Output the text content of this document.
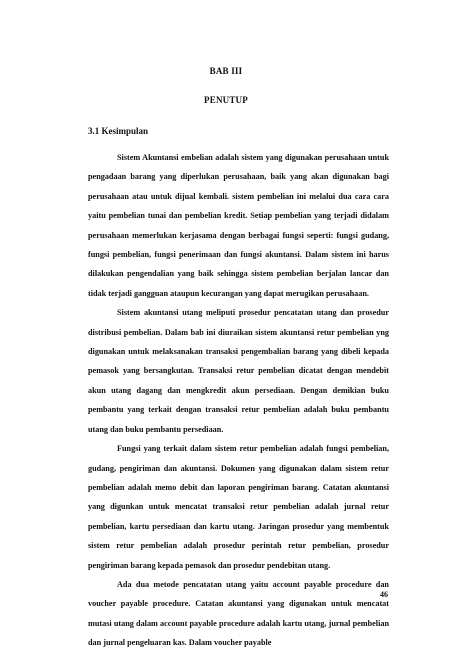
BAB III
PENUTUP
3.1 Kesimpulan

Sistem Akuntansi embelian adalah sistem yang digunakan perusahaan untuk pengadaan barang yang diperlukan perusahaan, baik yang akan digunakan bagi perusahaan atau untuk dijual kembali. sistem pembelian ini melalui dua cara cara yaitu pembelian tunai dan pembelian kredit. Setiap pembelian yang terjadi didalam perusahaan memerlukan kerjasama dengan berbagai fungsi seperti: fungsi gudang, fungsi pembelian, fungsi penerimaan dan fungsi akuntansi. Dalam sistem ini harus dilakukan pengendalian yang baik sehingga sistem pembelian berjalan lancar dan tidak terjadi gangguan ataupun kecurangan yang dapat merugikan perusahaan.

Sistem akuntansi utang meliputi prosedur pencatatan utang dan prosedur distribusi pembelian. Dalam bab ini diuraikan sistem akuntansi retur pembelian yng digunakan untuk melaksanakan transaksi pengembalian barang yang dibeli kepada pemasok yang bersangkutan. Transaksi retur pembelian dicatat dengan mendebit akun utang dagang dan mengkredit akun persediaan. Dengan demikian buku pembantu yang terkait dengan transaksi retur pembelian adalah buku pembantu utang dan buku pembantu persediaan.

Fungsi yang terkait dalam sistem retur pembelian adalah fungsi pembelian, gudang, pengiriman dan akuntansi. Dokumen yang digunakan dalam sistem retur pembelian adalah memo debit dan laporan pengiriman barang. Catatan akuntansi yang digunkan untuk mencatat transaksi retur pembelian adalah jurnal retur pembelian, kartu persediaan dan kartu utang. Jaringan prosedur yang membentuk sistem retur pembelian adalah prosedur perintah retur pembelian, prosedur pengiriman barang kepada pemasok dan prosedur pendebitan utang.

Ada dua metode pencatatan utang yaitu account payable procedure dan voucher payable procedure. Catatan akuntansi yang digunakan untuk mencatat mutasi utang dalam account payable procedure adalah kartu utang, jurnal pembelian dan jurnal pengeluaran kas. Dalam voucher payable

46
